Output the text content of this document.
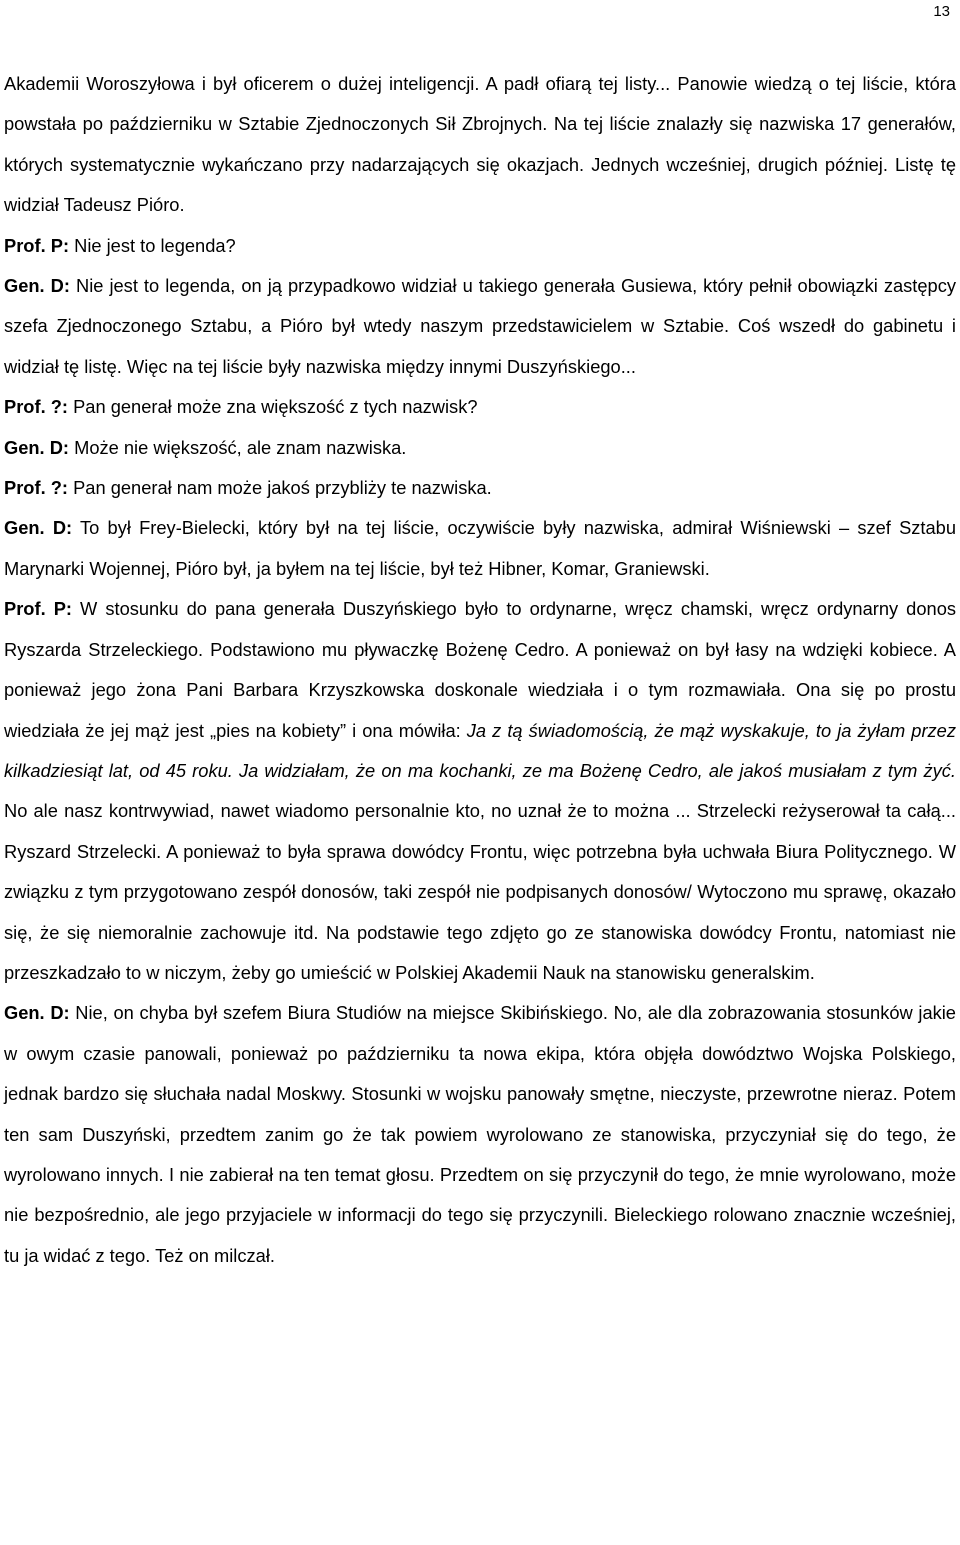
13

Akademii Woroszyłowa i był oficerem o dużej inteligencji. A padł ofiarą tej listy... Panowie wiedzą o tej liście, która powstała po październiku w Sztabie Zjednoczonych Sił Zbrojnych. Na tej liście znalazły się nazwiska 17 generałów, których systematycznie wykańczano przy nadarzających się okazjach. Jednych wcześniej, drugich później. Listę tę widział Tadeusz Pióro.

Prof. P: Nie jest to legenda?

Gen. D: Nie jest to legenda, on ją przypadkowo widział u takiego generała Gusiewa, który pełnił obowiązki zastępcy szefa Zjednoczonego Sztabu, a Pióro był wtedy naszym przedstawicielem w Sztabie. Coś wszedł do gabinetu i widział tę listę. Więc na tej liście były nazwiska między innymi Duszyńskiego...

Prof. ?: Pan generał może zna większość z tych nazwisk?

Gen. D: Może nie większość, ale znam nazwiska.

Prof. ?: Pan generał nam może jakoś przybliży te nazwiska.

Gen. D: To był Frey-Bielecki, który był na tej liście, oczywiście były nazwiska, admirał Wiśniewski – szef Sztabu Marynarki Wojennej, Pióro był, ja byłem na tej liście, był też Hibner, Komar, Graniewski.

Prof. P: W stosunku do pana generała Duszyńskiego było to ordynarne, wręcz chamski, wręcz ordynarny donos Ryszarda Strzeleckiego. Podstawiono mu pływaczkę Bożenę Cedro. A ponieważ on był łasy na wdzięki kobiece. A ponieważ jego żona Pani Barbara Krzyszkowska doskonale wiedziała i o tym rozmawiała. Ona się po prostu wiedziała że jej mąż jest „pies na kobiety” i ona mówiła: Ja z tą świadomością, że mąż wyskakuje, to ja żyłam przez kilkadziesiąt lat, od 45 roku. Ja widziałam, że on ma kochanki, ze ma Bożenę Cedro, ale jakoś musiałam z tym żyć. No ale nasz kontrwywiad, nawet wiadomo personalnie kto, no uznał że to można ... Strzelecki reżyserował ta całą... Ryszard Strzelecki. A ponieważ to była sprawa dowódcy Frontu, więc potrzebna była uchwała Biura Politycznego. W związku z tym przygotowano zespół donosów, taki zespół nie podpisanych donosów/ Wytoczono mu sprawę, okazało się, że się niemoralnie zachowuje itd. Na podstawie tego zdjęto go ze stanowiska dowódcy Frontu, natomiast nie przeszkadzało to w niczym, żeby go umieścić w Polskiej Akademii Nauk na stanowisku generalskim.

Gen. D: Nie, on chyba był szefem Biura Studiów na miejsce Skibińskiego. No, ale dla zobrazowania stosunków jakie w owym czasie panowali, ponieważ po październiku ta nowa ekipa, która objęła dowództwo Wojska Polskiego, jednak bardzo się słuchała nadal Moskwy. Stosunki w wojsku panowały smętne, nieczyste, przewrotne nieraz. Potem ten sam Duszyński, przedtem zanim go że tak powiem wyrolowano ze stanowiska, przyczyniał się do tego, że wyrolowano innych. I nie zabierał na ten temat głosu. Przedtem on się przyczynił do tego, że mnie wyrolowano, może nie bezpośrednio, ale jego przyjaciele w informacji do tego się przyczynili. Bieleckiego rolowano znacznie wcześniej, tu ja widać z tego. Też on milczał.
